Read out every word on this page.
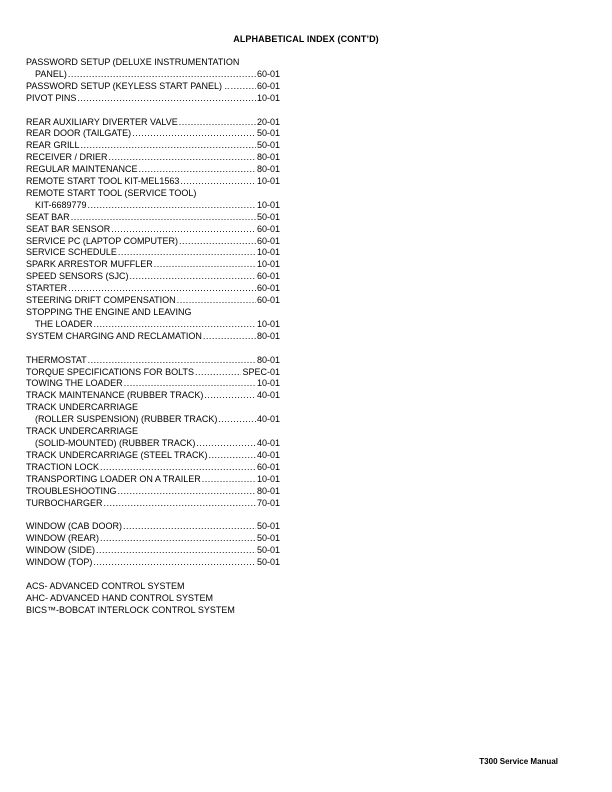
ALPHABETICAL INDEX (CONT’D)
PASSWORD SETUP (DELUXE INSTRUMENTATION
PANEL) .....	60-01
PASSWORD SETUP (KEYLESS START PANEL) .. .....	60-01
PIVOT PINS .....	10-01
REAR AUXILIARY DIVERTER VALVE .....	20-01
REAR DOOR (TAILGATE) .....	50-01
REAR GRILL .....	50-01
RECEIVER / DRIER .....	80-01
REGULAR MAINTENANCE .....	80-01
REMOTE START TOOL KIT-MEL1563 .....	10-01
REMOTE START TOOL (SERVICE TOOL)
KIT-6689779 .....	10-01
SEAT BAR .....	50-01
SEAT BAR SENSOR .....	60-01
SERVICE PC (LAPTOP COMPUTER) .....	60-01
SERVICE SCHEDULE .....	10-01
SPARK ARRESTOR MUFFLER .....	10-01
SPEED SENSORS (SJC) .....	60-01
STARTER .....	60-01
STEERING DRIFT COMPENSATION .....	60-01
STOPPING THE ENGINE AND LEAVING
THE LOADER .....	10-01
SYSTEM CHARGING AND RECLAMATION .....	80-01
THERMOSTAT .....	80-01
TORQUE SPECIFICATIONS FOR BOLTS .....	SPEC-01
TOWING THE LOADER .....	10-01
TRACK MAINTENANCE (RUBBER TRACK) .....	40-01
TRACK UNDERCARRIAGE
(ROLLER SUSPENSION) (RUBBER TRACK) .....	40-01
TRACK UNDERCARRIAGE
(SOLID-MOUNTED) (RUBBER TRACK) .....	40-01
TRACK UNDERCARRIAGE (STEEL TRACK) .....	40-01
TRACTION LOCK .....	60-01
TRANSPORTING LOADER ON A TRAILER .....	10-01
TROUBLESHOOTING .....	80-01
TURBOCHARGER .....	70-01
WINDOW (CAB DOOR) .....	50-01
WINDOW (REAR) .....	50-01
WINDOW (SIDE) .....	50-01
WINDOW (TOP) .....	50-01
ACS- ADVANCED CONTROL SYSTEM
AHC- ADVANCED HAND CONTROL SYSTEM
BICS™-BOBCAT INTERLOCK CONTROL SYSTEM
T300 Service Manual
